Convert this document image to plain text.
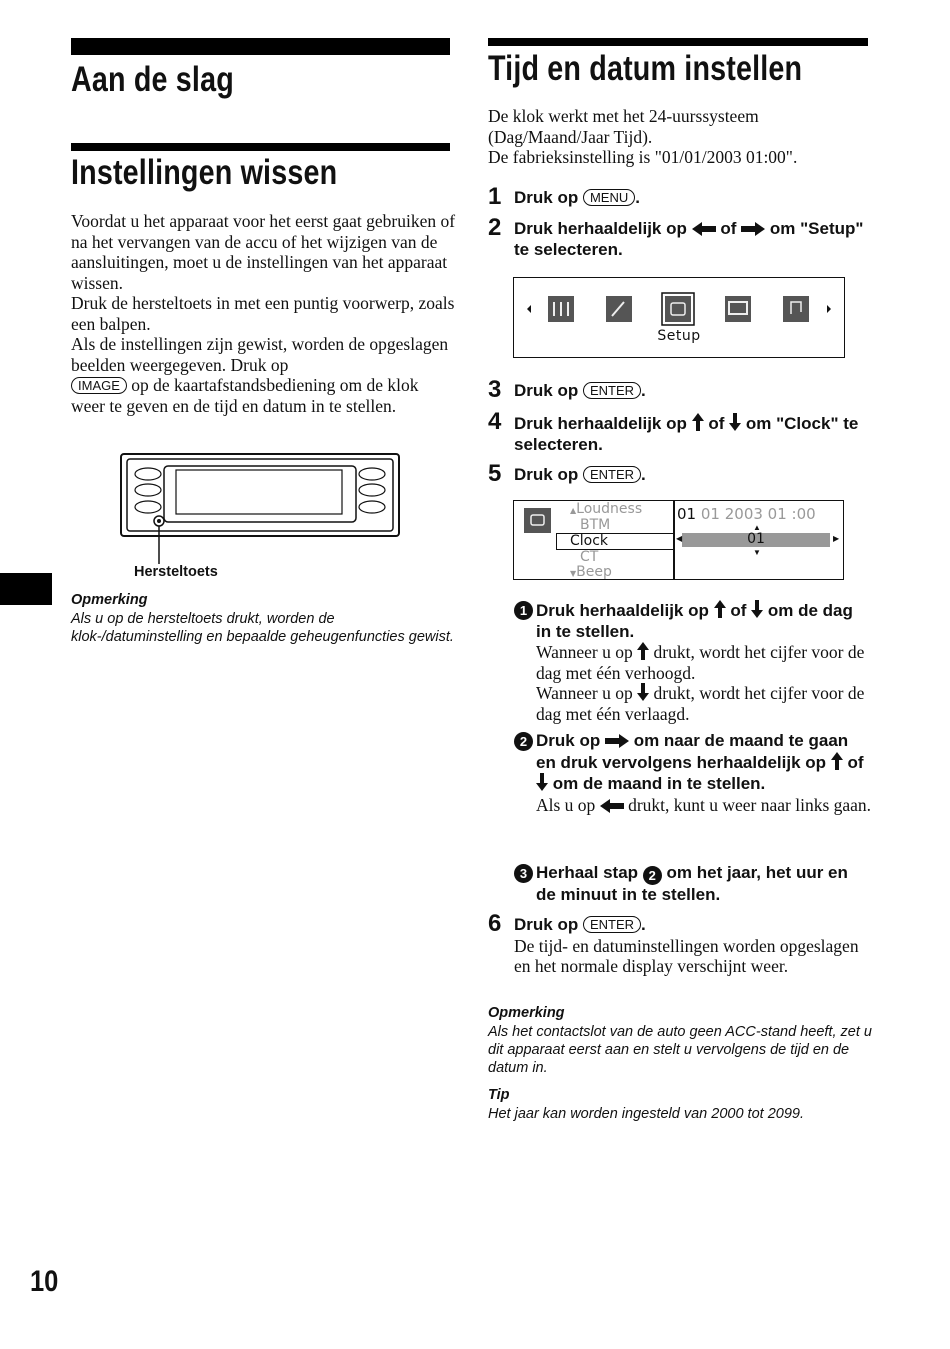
Aan de slag
Instellingen wissen

Voordat u het apparaat voor het eerst gaat gebruiken of na het vervangen van de accu of het wijzigen van de aansluitingen, moet u de instellingen van het apparaat wissen.

Druk de hersteltoets in met een puntig voorwerp, zoals een balpen.

Als de instellingen zijn gewist, worden de opgeslagen beelden weergegeven. Druk op
IMAGE op de kaartafstandsbediening om de klok weer te geven en de tijd en datum in te stellen.

Hersteltoets
Opmerking
Als u op de hersteltoets drukt, worden de klok-/datuminstelling en bepaalde geheugenfuncties gewist.
10
Tijd en datum instellen

De klok werkt met het 24-uurssysteem (Dag/Maand/Jaar Tijd).

De fabrieksinstelling is "01/01/2003 01:00".

1 Druk op MENU .
2 Druk herhaaldelijk op of om "Setup" te selecteren.
Setup
3 Druk op ENTER .
4 Druk herhaaldelijk op of om "Clock" te selecteren.
5 Druk op ENTER .
▲Loudness
BTM
Clock
CT
▼Beep
01 01 2003 01 :00
▲
01
◀	▶
▼
1 Druk herhaaldelijk op of om de dag in te stellen.
Wanneer u op drukt, wordt het cijfer voor de dag met één verhoogd.
Wanneer u op drukt, wordt het cijfer voor de dag met één verlaagd.
2 Druk op om naar de maand te gaan en druk vervolgens herhaaldelijk op of  om de maand in te stellen.
Als u op drukt, kunt u weer naar links gaan.
3 Herhaal stap 2 om het jaar, het uur en de minuut in te stellen.
6 Druk op ENTER .
De tijd- en datuminstellingen worden opgeslagen en het normale display verschijnt weer.
Opmerking
Als het contactslot van de auto geen ACC-stand heeft, zet u dit apparaat eerst aan en stelt u vervolgens de tijd en de datum in.
Tip
Het jaar kan worden ingesteld van 2000 tot 2099.
